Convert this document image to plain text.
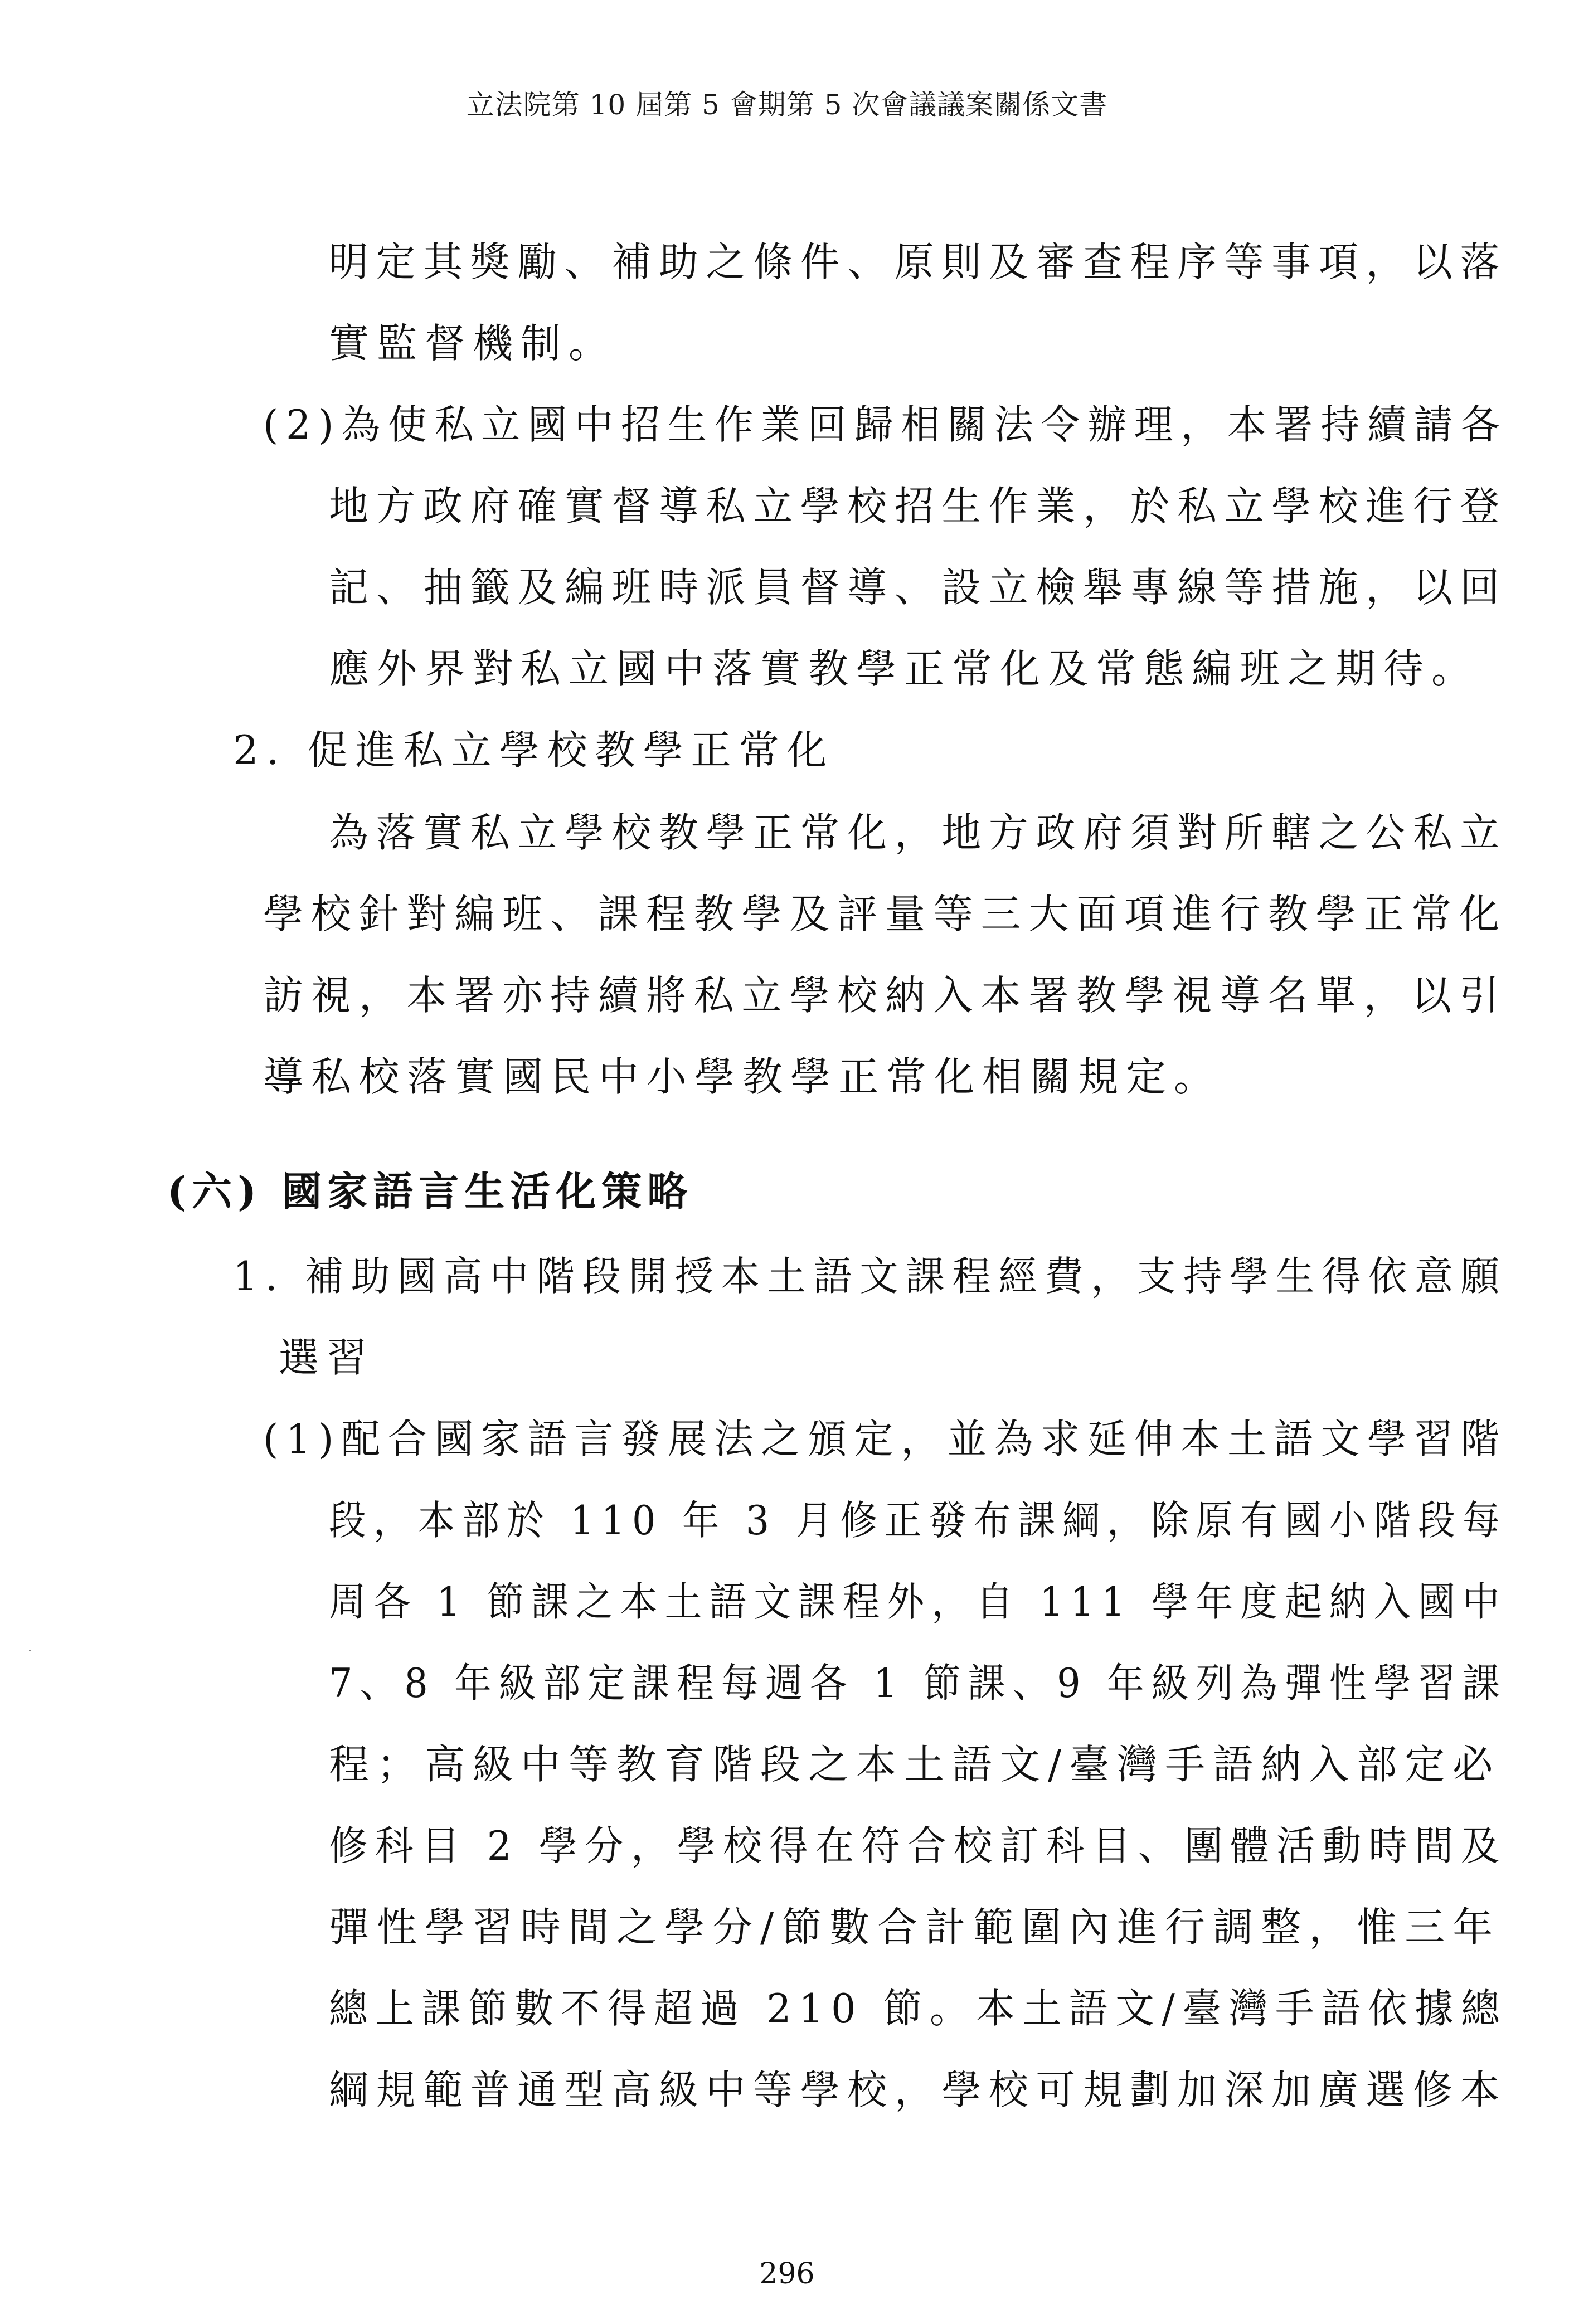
立法院第 10 屆第 5 會期第 5 次會議議案關係文書
明定其獎勵、補助之條件、原則及審查程序等事項，以落
實監督機制。
(2)為使私立國中招生作業回歸相關法令辦理，本署持續請各
地方政府確實督導私立學校招生作業，於私立學校進行登
記、抽籤及編班時派員督導、設立檢舉專線等措施，以回
應外界對私立國中落實教學正常化及常態編班之期待。
2. 促進私立學校教學正常化
為落實私立學校教學正常化，地方政府須對所轄之公私立
學校針對編班、課程教學及評量等三大面項進行教學正常化
訪視，本署亦持續將私立學校納入本署教學視導名單，以引
導私校落實國民中小學教學正常化相關規定。
(六) 國家語言生活化策略
1. 補助國高中階段開授本土語文課程經費，支持學生得依意願
選習
(1)配合國家語言發展法之頒定，並為求延伸本土語文學習階
段，本部於 110 年 3 月修正發布課綱，除原有國小階段每
周各 1 節課之本土語文課程外，自 111 學年度起納入國中
7、8 年級部定課程每週各 1 節課、9 年級列為彈性學習課
程；高級中等教育階段之本土語文/臺灣手語納入部定必
修科目 2 學分，學校得在符合校訂科目、團體活動時間及
彈性學習時間之學分/節數合計範圍內進行調整，惟三年
總上課節數不得超過 210 節。本土語文/臺灣手語依據總
綱規範普通型高級中等學校，學校可規劃加深加廣選修本
296
